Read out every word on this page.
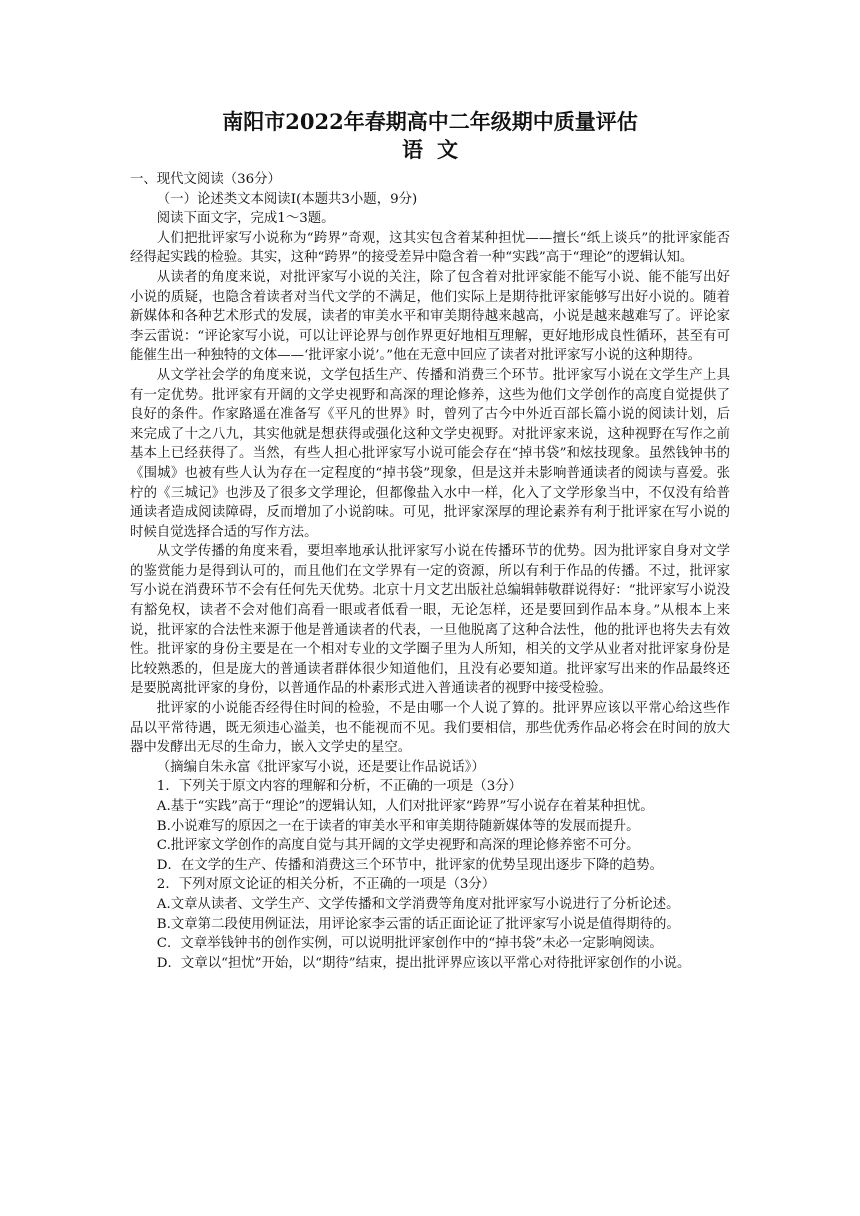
南阳市2022年春期高中二年级期中质量评估
语文

一、现代文阅读（36分）

（一）论述类文本阅读Ⅰ(本题共3小题，9分)

阅读下面文字，完成1～3题。

人们把批评家写小说称为“跨界”奇观，这其实包含着某种担忧——擅长“纸上谈兵”的批评家能否经得起实践的检验。其实，这种“跨界”的接受差异中隐含着一种“实践”高于“理论”的逻辑认知。

从读者的角度来说，对批评家写小说的关注，除了包含着对批评家能不能写小说、能不能写出好小说的质疑，也隐含着读者对当代文学的不满足，他们实际上是期待批评家能够写出好小说的。随着新媒体和各种艺术形式的发展，读者的审美水平和审美期待越来越高，小说是越来越难写了。评论家李云雷说：“评论家写小说，可以让评论界与创作界更好地相互理解，更好地形成良性循环，甚至有可能催生出一种独特的文体——‘批评家小说’。”他在无意中回应了读者对批评家写小说的这种期待。

从文学社会学的角度来说，文学包括生产、传播和消费三个环节。批评家写小说在文学生产上具有一定优势。批评家有开阔的文学史视野和高深的理论修养，这些为他们文学创作的高度自觉提供了良好的条件。作家路遥在准备写《平凡的世界》时，曾列了古今中外近百部长篇小说的阅读计划，后来完成了十之八九，其实他就是想获得或强化这种文学史视野。对批评家来说，这种视野在写作之前基本上已经获得了。当然，有些人担心批评家写小说可能会存在“掉书袋”和炫技现象。虽然钱钟书的《围城》也被有些人认为存在一定程度的“掉书袋”现象，但是这并未影响普通读者的阅读与喜爱。张柠的《三城记》也涉及了很多文学理论，但都像盐入水中一样，化入了文学形象当中，不仅没有给普通读者造成阅读障碍，反而增加了小说韵味。可见，批评家深厚的理论素养有利于批评家在写小说的时候自觉选择合适的写作方法。

从文学传播的角度来看，要坦率地承认批评家写小说在传播环节的优势。因为批评家自身对文学的鉴赏能力是得到认可的，而且他们在文学界有一定的资源，所以有利于作品的传播。不过，批评家写小说在消费环节不会有任何先天优势。北京十月文艺出版社总编辑韩敬群说得好：“批评家写小说没有豁免权，读者不会对他们高看一眼或者低看一眼，无论怎样，还是要回到作品本身。”从根本上来说，批评家的合法性来源于他是普通读者的代表，一旦他脱离了这种合法性，他的批评也将失去有效性。批评家的身份主要是在一个相对专业的文学圈子里为人所知，相关的文学从业者对批评家身份是比较熟悉的，但是庞大的普通读者群体很少知道他们，且没有必要知道。批评家写出来的作品最终还是要脱离批评家的身份，以普通作品的朴素形式进入普通读者的视野中接受检验。

批评家的小说能否经得住时间的检验，不是由哪一个人说了算的。批评界应该以平常心给这些作品以平常待遇，既无须违心溢美，也不能视而不见。我们要相信，那些优秀作品必将会在时间的放大器中发酵出无尽的生命力，嵌入文学史的星空。

（摘编自朱永富《批评家写小说，还是要让作品说话》）

1．下列关于原文内容的理解和分析，不正确的一项是（3分）

A.基于“实践”高于“理论”的逻辑认知，人们对批评家“跨界”写小说存在着某种担忧。

B.小说难写的原因之一在于读者的审美水平和审美期待随新媒体等的发展而提升。

C.批评家文学创作的高度自觉与其开阔的文学史视野和高深的理论修养密不可分。

D．在文学的生产、传播和消费这三个环节中，批评家的优势呈现出逐步下降的趋势。

2．下列对原文论证的相关分析，不正确的一项是（3分）

A.文章从读者、文学生产、文学传播和文学消费等角度对批评家写小说进行了分析论述。

B.文章第二段使用例证法，用评论家李云雷的话正面论证了批评家写小说是值得期待的。

C．文章举钱钟书的创作实例，可以说明批评家创作中的“掉书袋”未必一定影响阅读。

D．文章以“担忧”开始，以“期待”结束，提出批评界应该以平常心对待批评家创作的小说。
